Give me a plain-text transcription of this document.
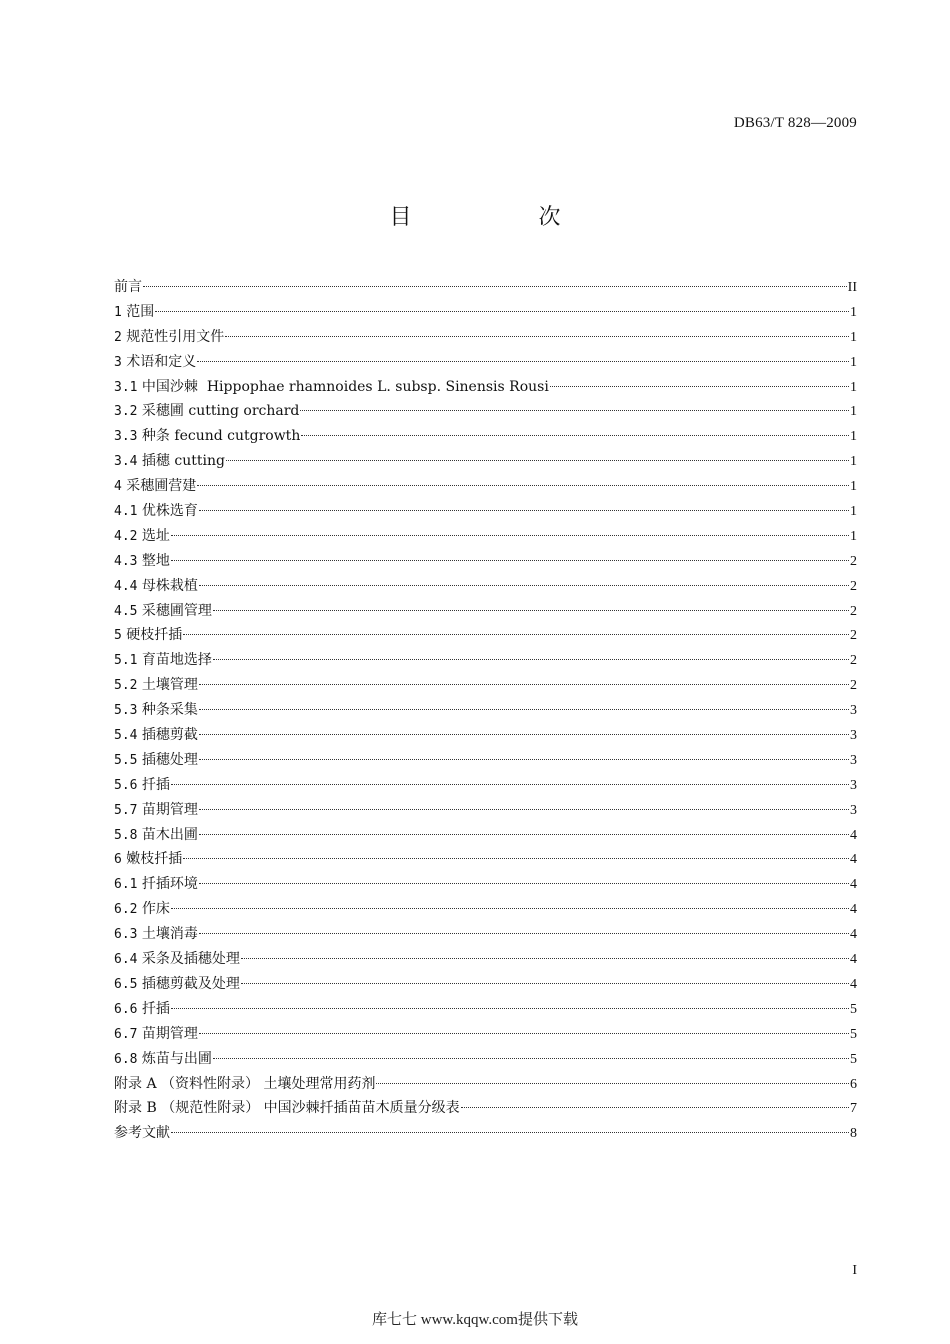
DB63/T 828—2009
目 次
前言	II
1 范围	1
2 规范性引用文件	1
3 术语和定义	1
3.1 中国沙棘  Hippophae rhamnoides L. subsp. Sinensis Rousi	1
3.2 采穗圃 cutting orchard	1
3.3 种条 fecund cutgrowth	1
3.4 插穗 cutting	1
4 采穗圃营建	1
4.1 优株选育	1
4.2 选址	1
4.3 整地	2
4.4 母株栽植	2
4.5 采穗圃管理	2
5 硬枝扦插	2
5.1 育苗地选择	2
5.2 土壤管理	2
5.3 种条采集	3
5.4 插穗剪截	3
5.5 插穗处理	3
5.6 扦插	3
5.7 苗期管理	3
5.8 苗木出圃	4
6 嫩枝扦插	4
6.1 扦插环境	4
6.2 作床	4
6.3 土壤消毒	4
6.4 采条及插穗处理	4
6.5 插穗剪截及处理	4
6.6 扦插	5
6.7 苗期管理	5
6.8 炼苗与出圃	5
附录 A （资料性附录） 土壤处理常用药剂	6
附录 B （规范性附录） 中国沙棘扦插苗苗木质量分级表	7
参考文献	8
I
库七七 www.kqqw.com提供下载
